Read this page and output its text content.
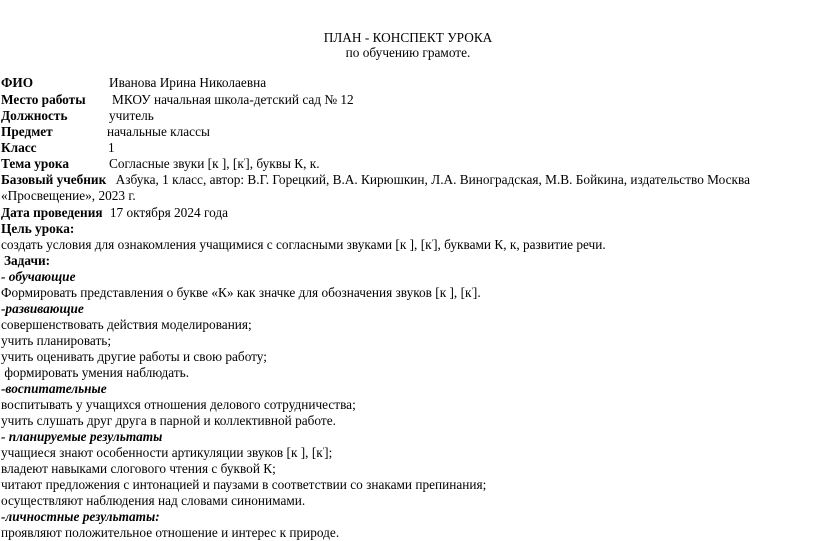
ПЛАН - КОНСПЕКТ УРОКА
по обучению грамоте.
ФИО	Иванова Ирина Николаевна
Место работы МКОУ начальная школа-детский сад № 12
Должность	учитель
Предмет	начальные классы
Класс	1
Тема урока	Согласные звуки [к ], [к'], буквы К, к.
Базовый учебник Азбука, 1 класс, автор: В.Г. Горецкий, В.А. Кирюшкин, Л.А. Виноградская, М.В. Бойкина, издательство Москва
«Просвещение», 2023 г.
Дата проведения 17 октября 2024 года
Цель урока:
создать условия для ознакомления учащимися с согласными звуками [к ], [к'], буквами К, к, развитие речи.
Задачи:
- обучающие
Формировать представления о букве «К» как значке для обозначения звуков [к ], [к'].
-развивающие
совершенствовать действия моделирования;
учить планировать;
учить оценивать другие работы и свою работу;
формировать умения наблюдать.
-воспитательные
воспитывать у учащихся отношения делового сотрудничества;
учить слушать друг друга в парной и коллективной работе.
- планируемые результаты
учащиеся знают особенности артикуляции звуков [к ], [к'];
владеют навыками слогового чтения с буквой К;
читают предложения с интонацией и паузами в соответствии со знаками препинания;
осуществляют наблюдения над словами синонимами.
-личностные результаты:
проявляют положительное отношение и интерес к природе.
